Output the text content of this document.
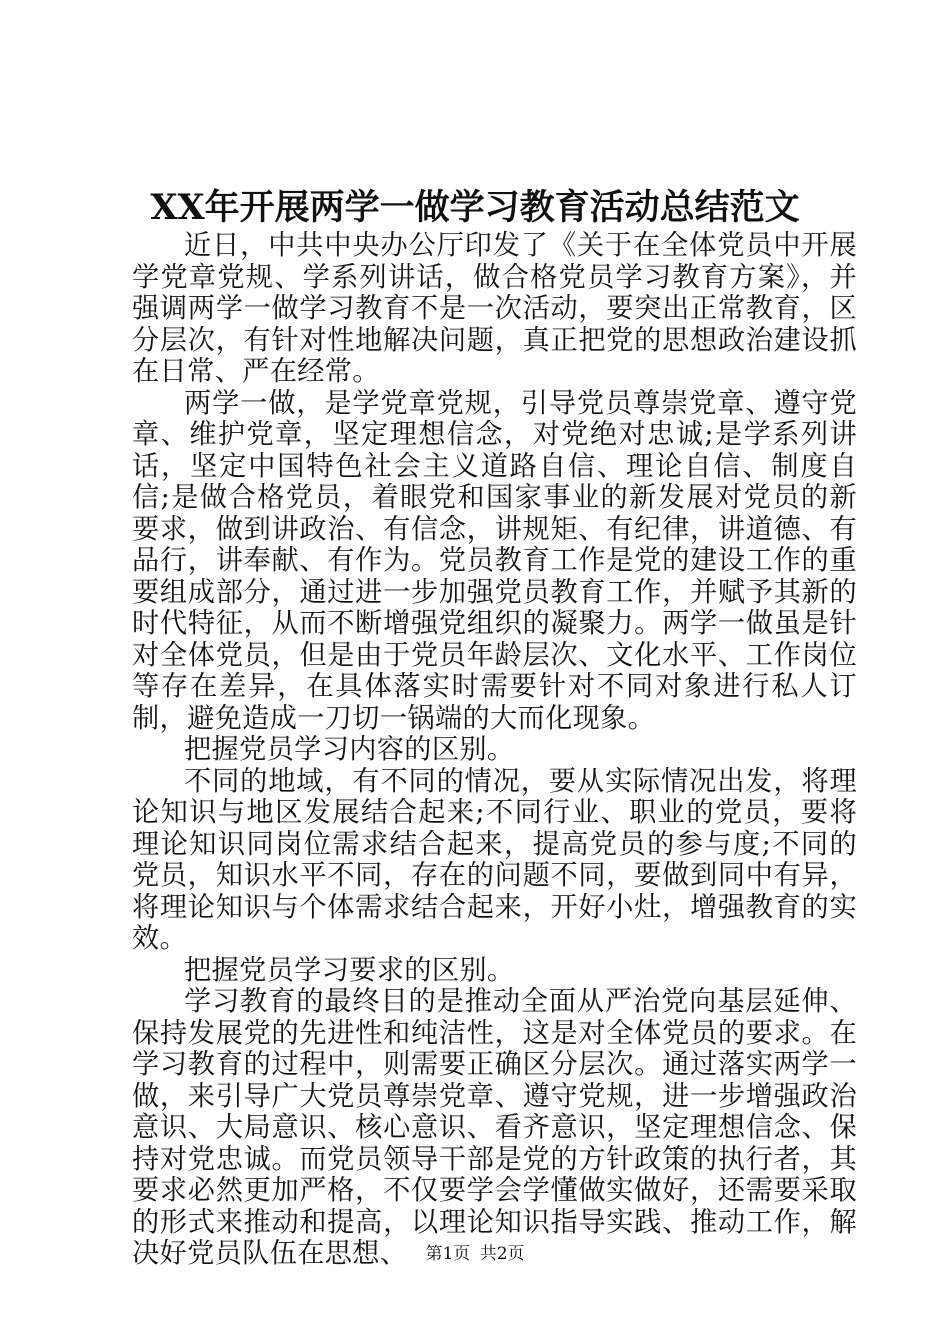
XX年开展两学一做学习教育活动总结范文

近日，中共中央办公厅印发了《关于在全体党员中开展学党章党规、学系列讲话，做合格党员学习教育方案》，并强调两学一做学习教育不是一次活动，要突出正常教育，区分层次，有针对性地解决问题，真正把党的思想政治建设抓在日常、严在经常。

两学一做，是学党章党规，引导党员尊崇党章、遵守党章、维护党章，坚定理想信念，对党绝对忠诚;是学系列讲话，坚定中国特色社会主义道路自信、理论自信、制度自信;是做合格党员，着眼党和国家事业的新发展对党员的新要求，做到讲政治、有信念，讲规矩、有纪律，讲道德、有品行，讲奉献、有作为。党员教育工作是党的建设工作的重要组成部分，通过进一步加强党员教育工作，并赋予其新的时代特征，从而不断增强党组织的凝聚力。两学一做虽是针对全体党员，但是由于党员年龄层次、文化水平、工作岗位等存在差异，在具体落实时需要针对不同对象进行私人订制，避免造成一刀切一锅端的大而化现象。

把握党员学习内容的区别。

不同的地域，有不同的情况，要从实际情况出发，将理论知识与地区发展结合起来;不同行业、职业的党员，要将理论知识同岗位需求结合起来，提高党员的参与度;不同的党员，知识水平不同，存在的问题不同，要做到同中有异，将理论知识与个体需求结合起来，开好小灶，增强教育的实效。

把握党员学习要求的区别。

学习教育的最终目的是推动全面从严治党向基层延伸、保持发展党的先进性和纯洁性，这是对全体党员的要求。在学习教育的过程中，则需要正确区分层次。通过落实两学一做，来引导广大党员尊崇党章、遵守党规，进一步增强政治意识、大局意识、核心意识、看齐意识，坚定理想信念、保持对党忠诚。而党员领导干部是党的方针政策的执行者，其要求必然更加严格，不仅要学会学懂做实做好，还需要采取的形式来推动和提高，以理论知识指导实践、推动工作，解决好党员队伍在思想、	第1页 共2页
